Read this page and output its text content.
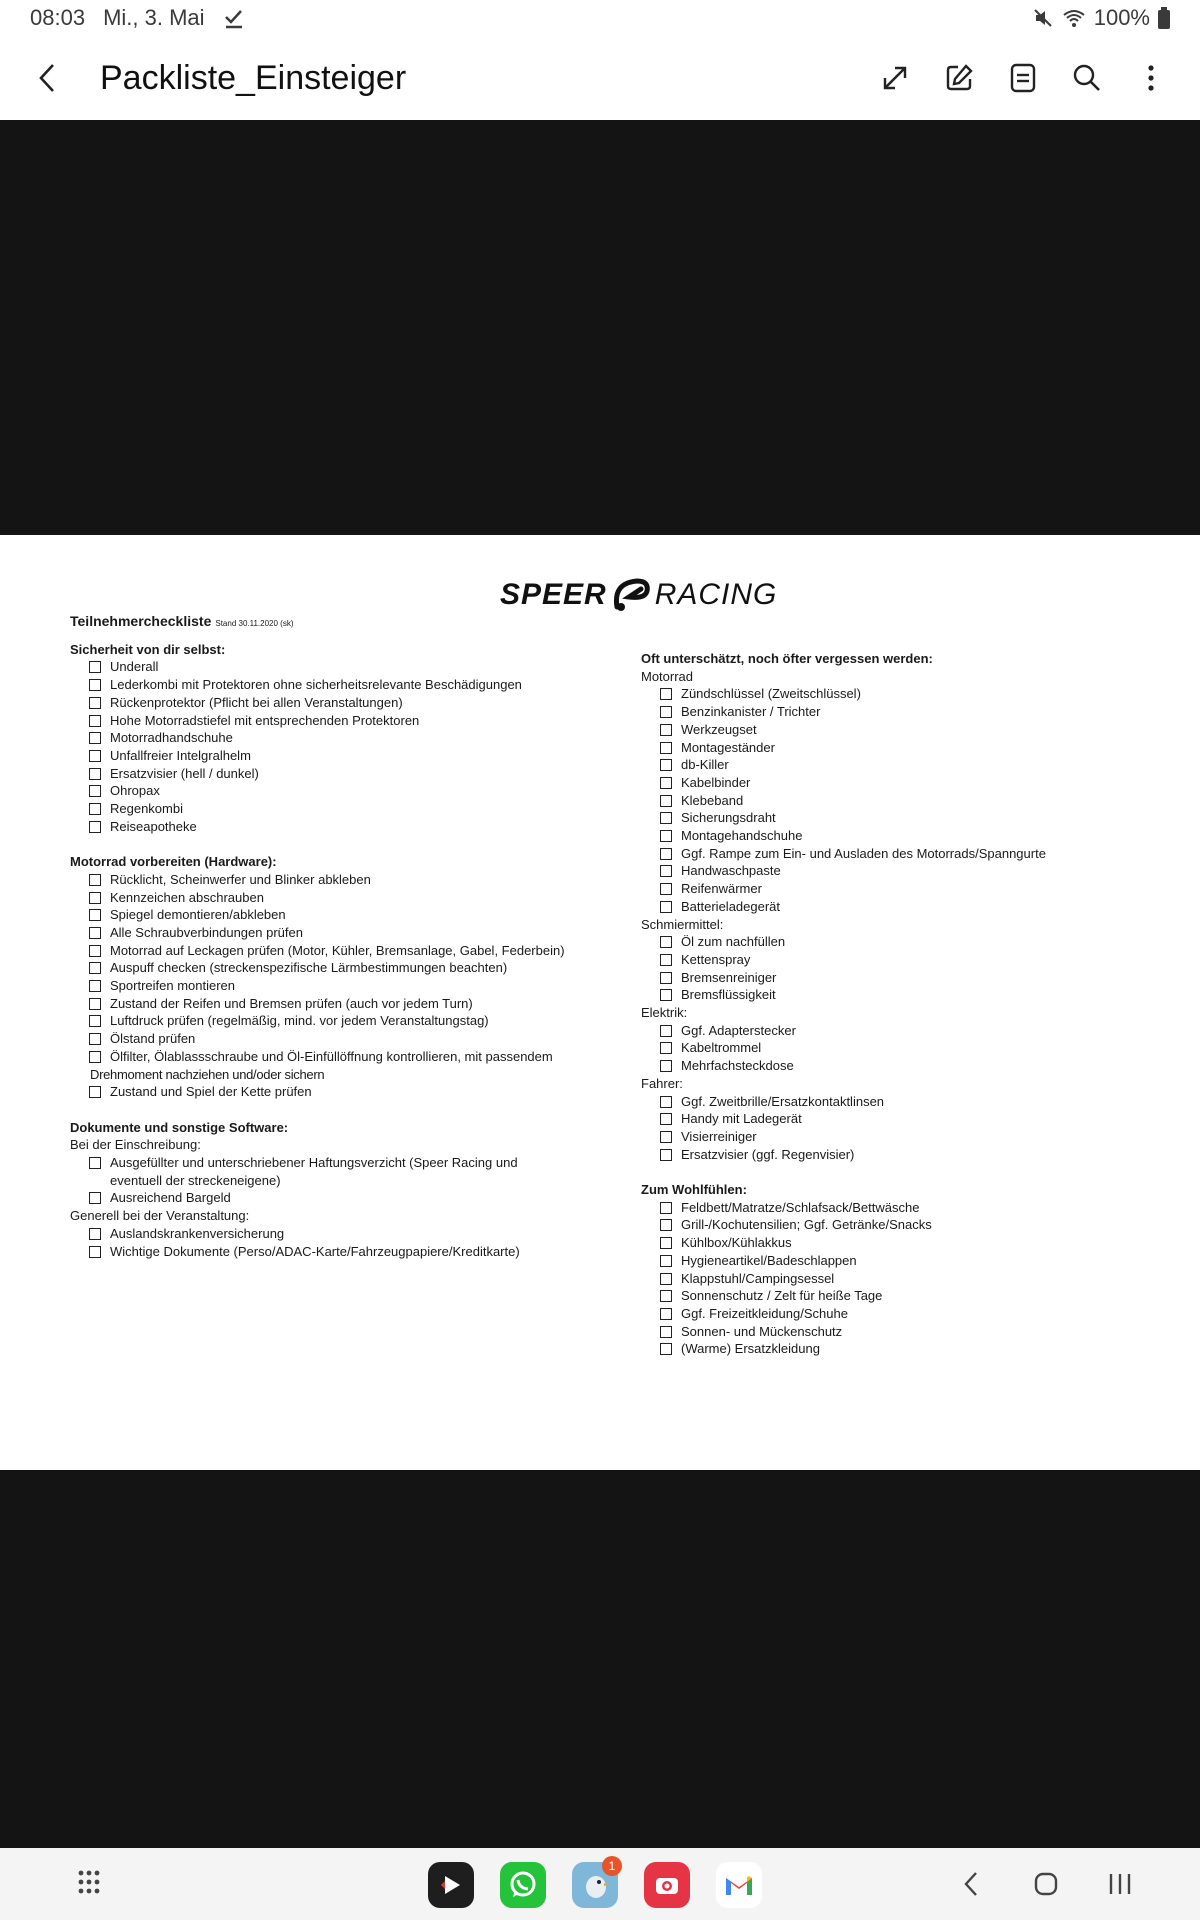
08:03 Mi., 3. Mai	100%
Packliste_Einsteiger
SPEER RACING
Teilnehmercheckliste Stand 30.11.2020 (sk)
Sicherheit von dir selbst:
Underall
Lederkombi mit Protektoren ohne sicherheitsrelevante Beschädigungen
Rückenprotektor (Pflicht bei allen Veranstaltungen)
Hohe Motorradstiefel mit entsprechenden Protektoren
Motorradhandschuhe
Unfallfreier Intelgralhelm
Ersatzvisier (hell / dunkel)
Ohropax
Regenkombi
Reiseapotheke
Motorrad vorbereiten (Hardware):
Rücklicht, Scheinwerfer und Blinker abkleben
Kennzeichen abschrauben
Spiegel demontieren/abkleben
Alle Schraubverbindungen prüfen
Motorrad auf Leckagen prüfen (Motor, Kühler, Bremsanlage, Gabel, Federbein)
Auspuff checken (streckenspezifische Lärmbestimmungen beachten)
Sportreifen montieren
Zustand der Reifen und Bremsen prüfen (auch vor jedem Turn)
Luftdruck prüfen (regelmäßig, mind. vor jedem Veranstaltungstag)
Ölstand prüfen
Ölfilter, Ölablassschraube und Öl-Einfüllöffnung kontrollieren, mit passendem
Drehmoment nachziehen und/oder sichern
Zustand und Spiel der Kette prüfen
Dokumente und sonstige Software:
Bei der Einschreibung:
Ausgefüllter und unterschriebener Haftungsverzicht (Speer Racing und
eventuell der streckeneigene)
Ausreichend Bargeld
Generell bei der Veranstaltung:
Auslandskrankenversicherung
Wichtige Dokumente (Perso/ADAC-Karte/Fahrzeugpapiere/Kreditkarte)
Oft unterschätzt, noch öfter vergessen werden:
Motorrad
Zündschlüssel (Zweitschlüssel)
Benzinkanister / Trichter
Werkzeugset
Montageständer
db-Killer
Kabelbinder
Klebeband
Sicherungsdraht
Montagehandschuhe
Ggf. Rampe zum Ein- und Ausladen des Motorrads/Spanngurte
Handwaschpaste
Reifenwärmer
Batterieladegerät
Schmiermittel:
Öl zum nachfüllen
Kettenspray
Bremsenreiniger
Bremsflüssigkeit
Elektrik:
Ggf. Adapterstecker
Kabeltrommel
Mehrfachsteckdose
Fahrer:
Ggf. Zweitbrille/Ersatzkontaktlinsen
Handy mit Ladegerät
Visierreiniger
Ersatzvisier (ggf. Regenvisier)
Zum Wohlfühlen:
Feldbett/Matratze/Schlafsack/Bettwäsche
Grill-/Kochutensilien; Ggf. Getränke/Snacks
Kühlbox/Kühlakkus
Hygieneartikel/Badeschlappen
Klappstuhl/Campingsessel
Sonnenschutz / Zelt für heiße Tage
Ggf. Freizeitkleidung/Schuhe
Sonnen- und Mückenschutz
(Warme) Ersatzkleidung
1
